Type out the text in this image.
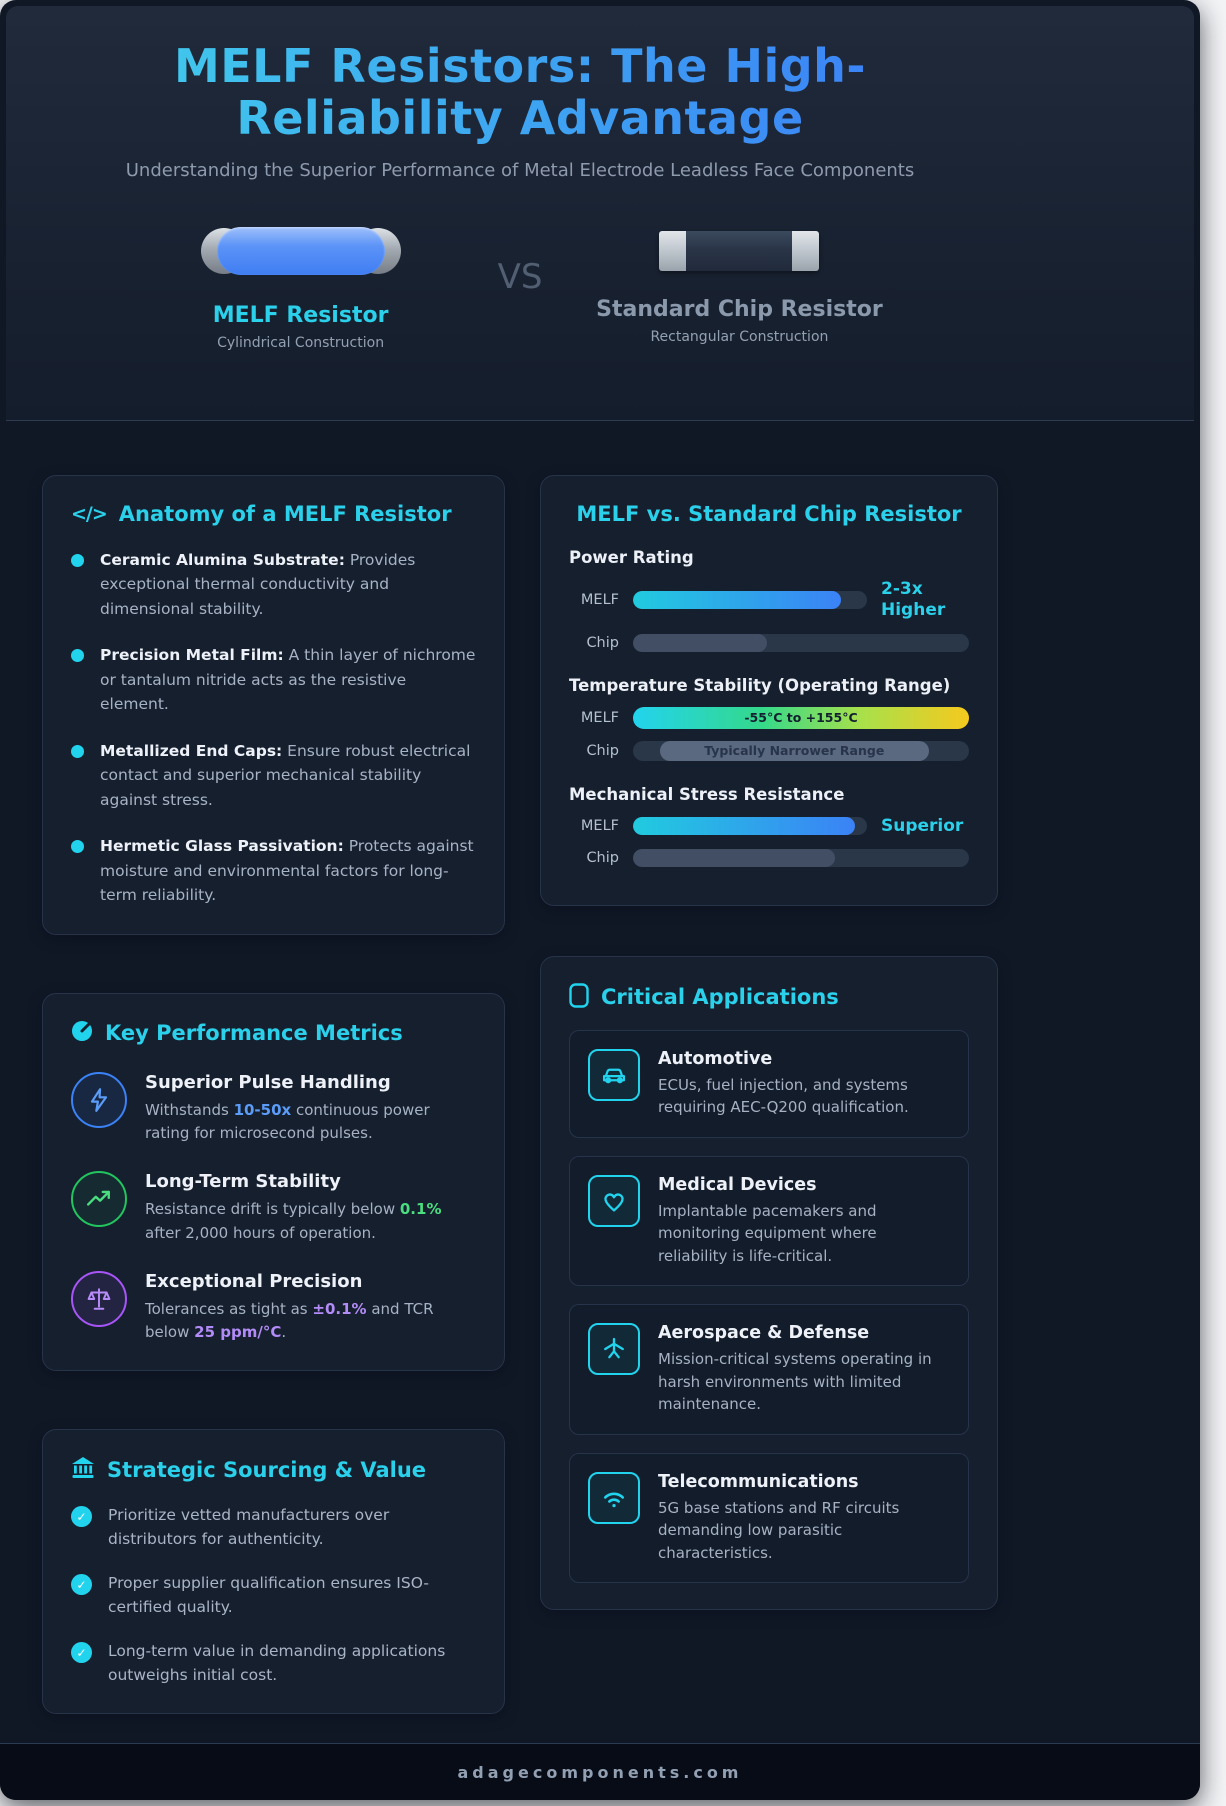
MELF Resistors: The High-Reliability Advantage
Understanding the Superior Performance of Metal Electrode Leadless Face Components
MELF Resistor
Cylindrical Construction
VS
Standard Chip Resistor
Rectangular Construction
</> Anatomy of a MELF Resistor
Ceramic Alumina Substrate: Provides exceptional thermal conductivity and dimensional stability.
Precision Metal Film: A thin layer of nichrome or tantalum nitride acts as the resistive element.
Metallized End Caps: Ensure robust electrical contact and superior mechanical stability against stress.
Hermetic Glass Passivation: Protects against moisture and environmental factors for long-term reliability.
Key Performance Metrics
Superior Pulse Handling
Withstands 10-50x continuous power rating for microsecond pulses.
Long-Term Stability
Resistance drift is typically below 0.1% after 2,000 hours of operation.
Exceptional Precision
Tolerances as tight as ±0.1% and TCR below 25 ppm/°C.
Strategic Sourcing & Value
✓	Prioritize vetted manufacturers over distributors for authenticity.
✓	Proper supplier qualification ensures ISO-certified quality.
✓	Long-term value in demanding applications outweighs initial cost.
MELF vs. Standard Chip Resistor
Power Rating
MELF
2-3x Higher
Chip
Temperature Stability (Operating Range)
MELF	-55°C to +155°C
Chip	Typically Narrower Range
Mechanical Stress Resistance
MELF	Superior
Chip
Critical Applications
Automotive
ECUs, fuel injection, and systems requiring AEC-Q200 qualification.
Medical Devices
Implantable pacemakers and monitoring equipment where reliability is life-critical.
Aerospace & Defense
Mission-critical systems operating in harsh environments with limited maintenance.
Telecommunications
5G base stations and RF circuits demanding low parasitic characteristics.
adagecomponents.com
